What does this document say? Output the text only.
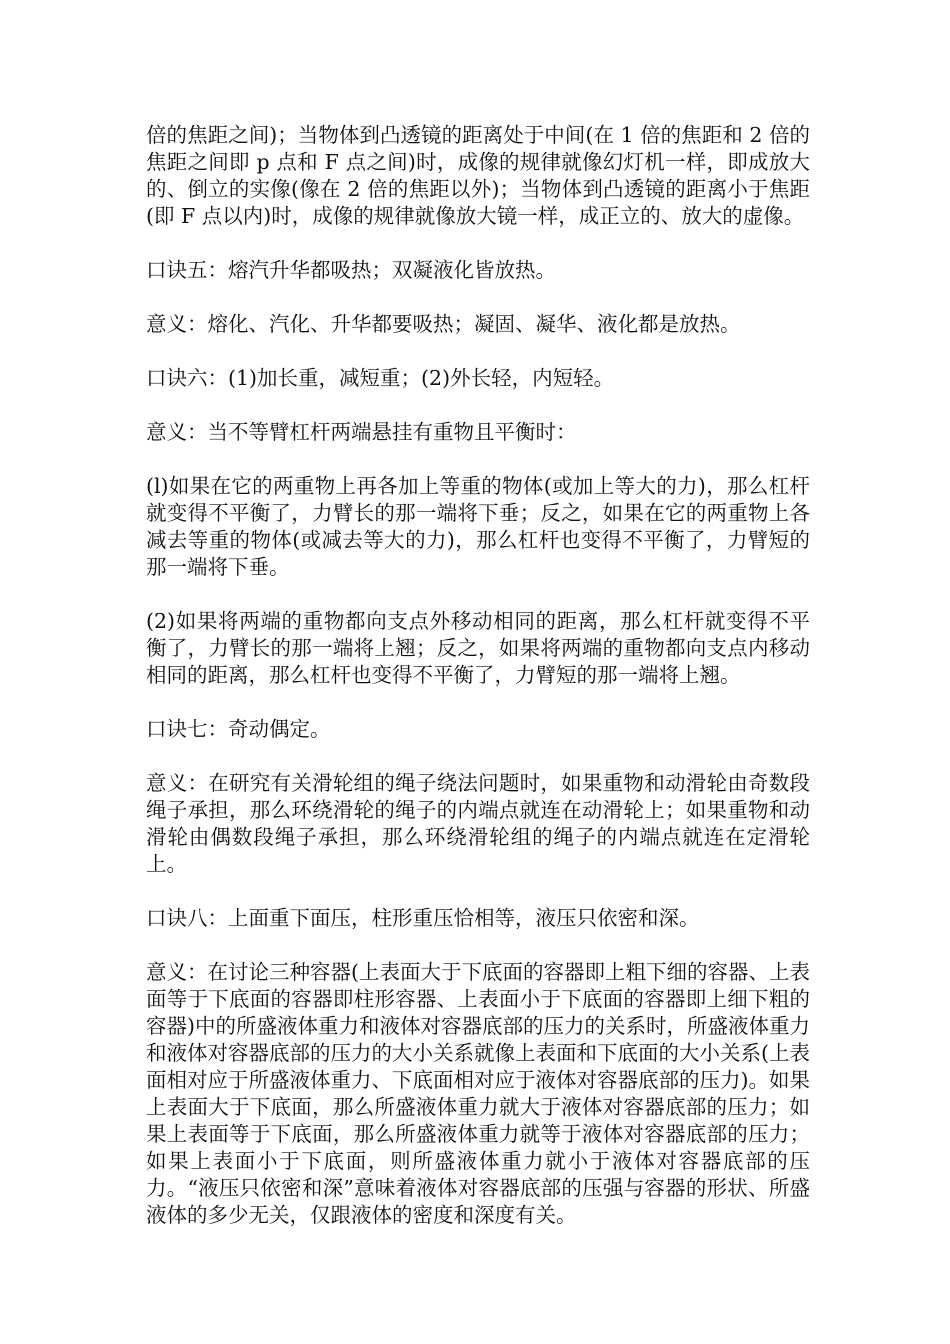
倍的焦距之间)；当物体到凸透镜的距离处于中间(在 1 倍的焦距和 2 倍的焦距之间即 p 点和 F 点之间)时，成像的规律就像幻灯机一样，即成放大的、倒立的实像(像在 2 倍的焦距以外)；当物体到凸透镜的距离小于焦距(即 F 点以内)时，成像的规律就像放大镜一样，成正立的、放大的虚像。

口诀五：熔汽升华都吸热；双凝液化皆放热。

意义：熔化、汽化、升华都要吸热；凝固、凝华、液化都是放热。

口诀六：(1)加长重，减短重；(2)外长轻，内短轻。

意义：当不等臂杠杆两端悬挂有重物且平衡时：

(l)如果在它的两重物上再各加上等重的物体(或加上等大的力)，那么杠杆就变得不平衡了，力臂长的那一端将下垂；反之，如果在它的两重物上各减去等重的物体(或减去等大的力)，那么杠杆也变得不平衡了，力臂短的那一端将下垂。

(2)如果将两端的重物都向支点外移动相同的距离，那么杠杆就变得不平衡了，力臂长的那一端将上翘；反之，如果将两端的重物都向支点内移动相同的距离，那么杠杆也变得不平衡了，力臂短的那一端将上翘。

口诀七：奇动偶定。

意义：在研究有关滑轮组的绳子绕法问题时，如果重物和动滑轮由奇数段绳子承担，那么环绕滑轮的绳子的内端点就连在动滑轮上；如果重物和动滑轮由偶数段绳子承担，那么环绕滑轮组的绳子的内端点就连在定滑轮上。

口诀八：上面重下面压，柱形重压恰相等，液压只依密和深。

意义：在讨论三种容器(上表面大于下底面的容器即上粗下细的容器、上表面等于下底面的容器即柱形容器、上表面小于下底面的容器即上细下粗的容器)中的所盛液体重力和液体对容器底部的压力的关系时，所盛液体重力和液体对容器底部的压力的大小关系就像上表面和下底面的大小关系(上表面相对应于所盛液体重力、下底面相对应于液体对容器底部的压力)。如果上表面大于下底面，那么所盛液体重力就大于液体对容器底部的压力；如果上表面等于下底面，那么所盛液体重力就等于液体对容器底部的压力；如果上表面小于下底面，则所盛液体重力就小于液体对容器底部的压力。“液压只依密和深”意味着液体对容器底部的压强与容器的形状、所盛液体的多少无关，仅跟液体的密度和深度有关。
